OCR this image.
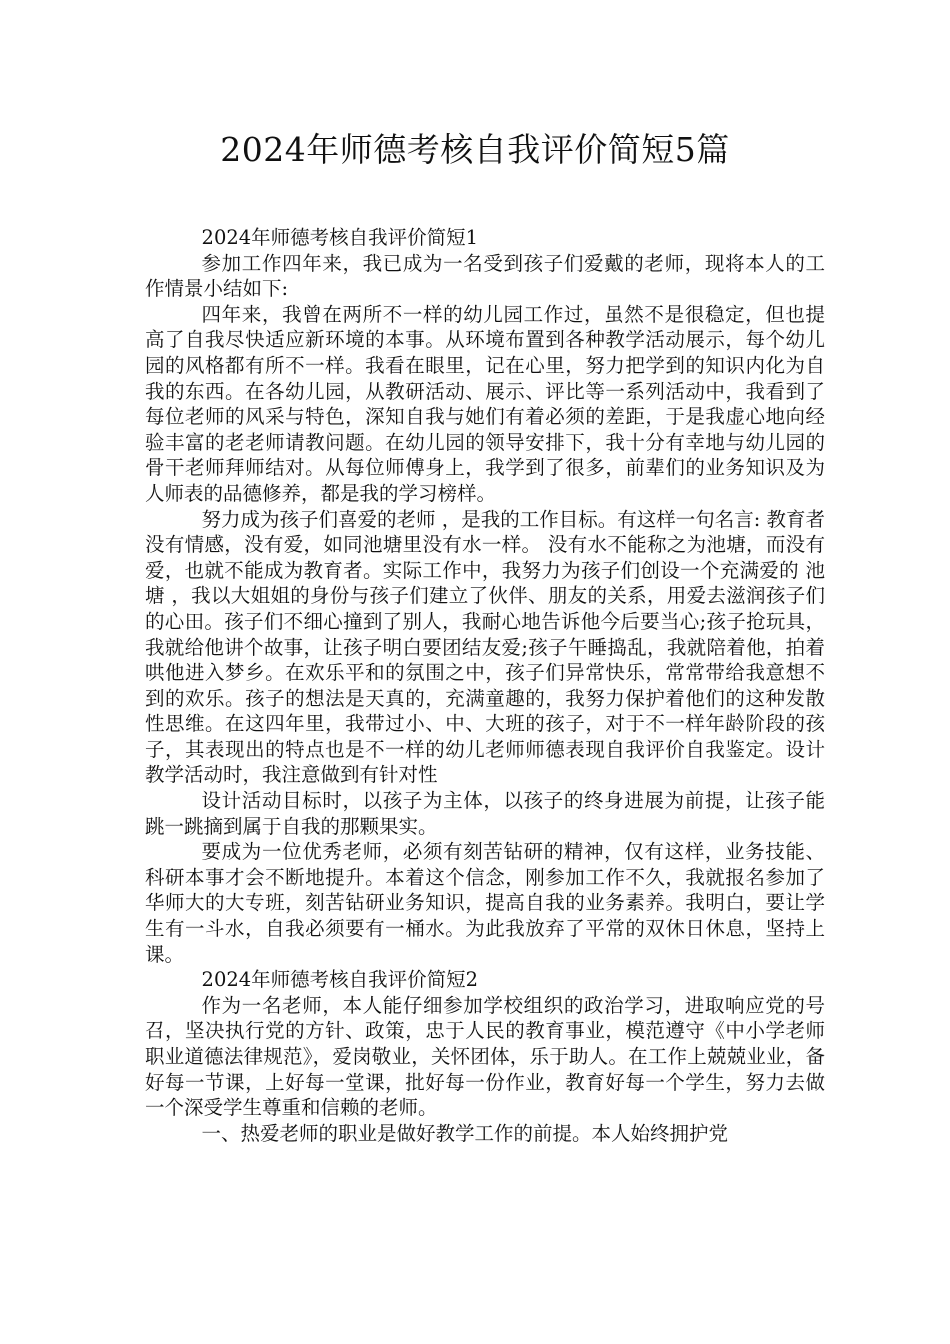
2024年师德考核自我评价简短5篇
2024年师德考核自我评价简短1

参加工作四年来，我已成为一名受到孩子们爱戴的老师，现将本人的工作情景小结如下:

四年来，我曾在两所不一样的幼儿园工作过，虽然不是很稳定，但也提高了自我尽快适应新环境的本事。从环境布置到各种教学活动展示，每个幼儿园的风格都有所不一样。我看在眼里，记在心里，努力把学到的知识内化为自我的东西。在各幼儿园，从教研活动、展示、评比等一系列活动中，我看到了每位老师的风采与特色，深知自我与她们有着必须的差距，于是我虚心地向经验丰富的老老师请教问题。在幼儿园的领导安排下，我十分有幸地与幼儿园的骨干老师拜师结对。从每位师傅身上，我学到了很多，前辈们的业务知识及为人师表的品德修养，都是我的学习榜样。

努力成为孩子们喜爱的老师 ，是我的工作目标。有这样一句名言: 教育者没有情感，没有爱，如同池塘里没有水一样。 没有水不能称之为池塘，而没有爱，也就不能成为教育者。实际工作中，我努力为孩子们创设一个充满爱的 池塘 ，我以大姐姐的身份与孩子们建立了伙伴、朋友的关系，用爱去滋润孩子们的心田。孩子们不细心撞到了别人，我耐心地告诉他今后要当心;孩子抢玩具，我就给他讲个故事，让孩子明白要团结友爱;孩子午睡捣乱，我就陪着他，拍着哄他进入梦乡。在欢乐平和的氛围之中，孩子们异常快乐，常常带给我意想不到的欢乐。孩子的想法是天真的，充满童趣的，我努力保护着他们的这种发散性思维。在这四年里，我带过小、中、大班的孩子，对于不一样年龄阶段的孩子，其表现出的特点也是不一样的幼儿老师师德表现自我评价自我鉴定。设计教学活动时，我注意做到有针对性

设计活动目标时，以孩子为主体，以孩子的终身进展为前提，让孩子能跳一跳摘到属于自我的那颗果实。

要成为一位优秀老师，必须有刻苦钻研的精神，仅有这样，业务技能、科研本事才会不断地提升。本着这个信念，刚参加工作不久，我就报名参加了华师大的大专班，刻苦钻研业务知识，提高自我的业务素养。我明白，要让学生有一斗水，自我必须要有一桶水。为此我放弃了平常的双休日休息，坚持上课。

2024年师德考核自我评价简短2

作为一名老师，本人能仔细参加学校组织的政治学习，进取响应党的号召，坚决执行党的方针、政策，忠于人民的教育事业，模范遵守《中小学老师职业道德法律规范》，爱岗敬业，关怀团体，乐于助人。在工作上兢兢业业，备好每一节课，上好每一堂课，批好每一份作业，教育好每一个学生，努力去做一个深受学生尊重和信赖的老师。

一、热爱老师的职业是做好教学工作的前提。本人始终拥护党
